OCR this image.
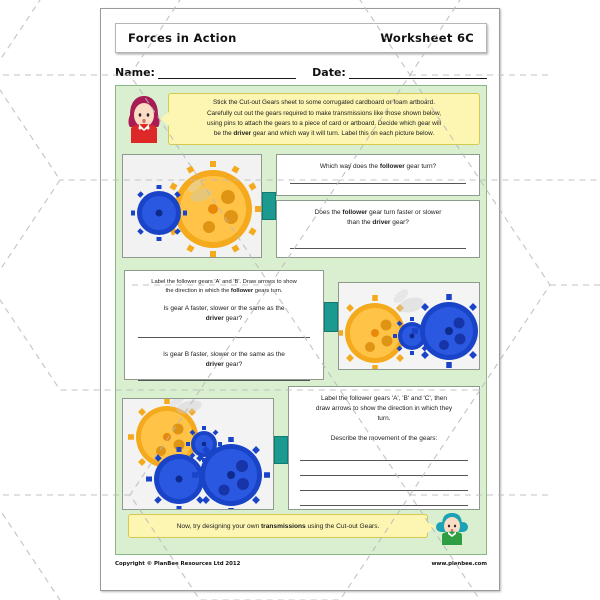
Forces in Action	Worksheet 6C
Name:	Date:
Stick the Cut-out Gears sheet to some corrugated cardboard or foam artboard.
Carefully cut out the gears required to make transmissions like those shown below,
using pins to attach the gears to a piece of card or artboard. Decide which gear will
be the driver gear and which way it will turn. Label this on each picture below.
Which way does the follower gear turn?
Does the follower gear turn faster or slower
than the driver gear?
Label the follower gears 'A' and 'B'. Draw arrows to show
the direction in which the follower gears turn.
Is gear A faster, slower or the same as the
driver gear?
Is gear B faster, slower or the same as the
driver gear?
Label the follower gears 'A', 'B' and 'C', then
draw arrows to show the direction in which they
turn.
Describe the movement of the gears:
Now, try designing your own transmissions using the Cut-out Gears.
Copyright © PlanBee Resources Ltd 2012	www.planbee.com
